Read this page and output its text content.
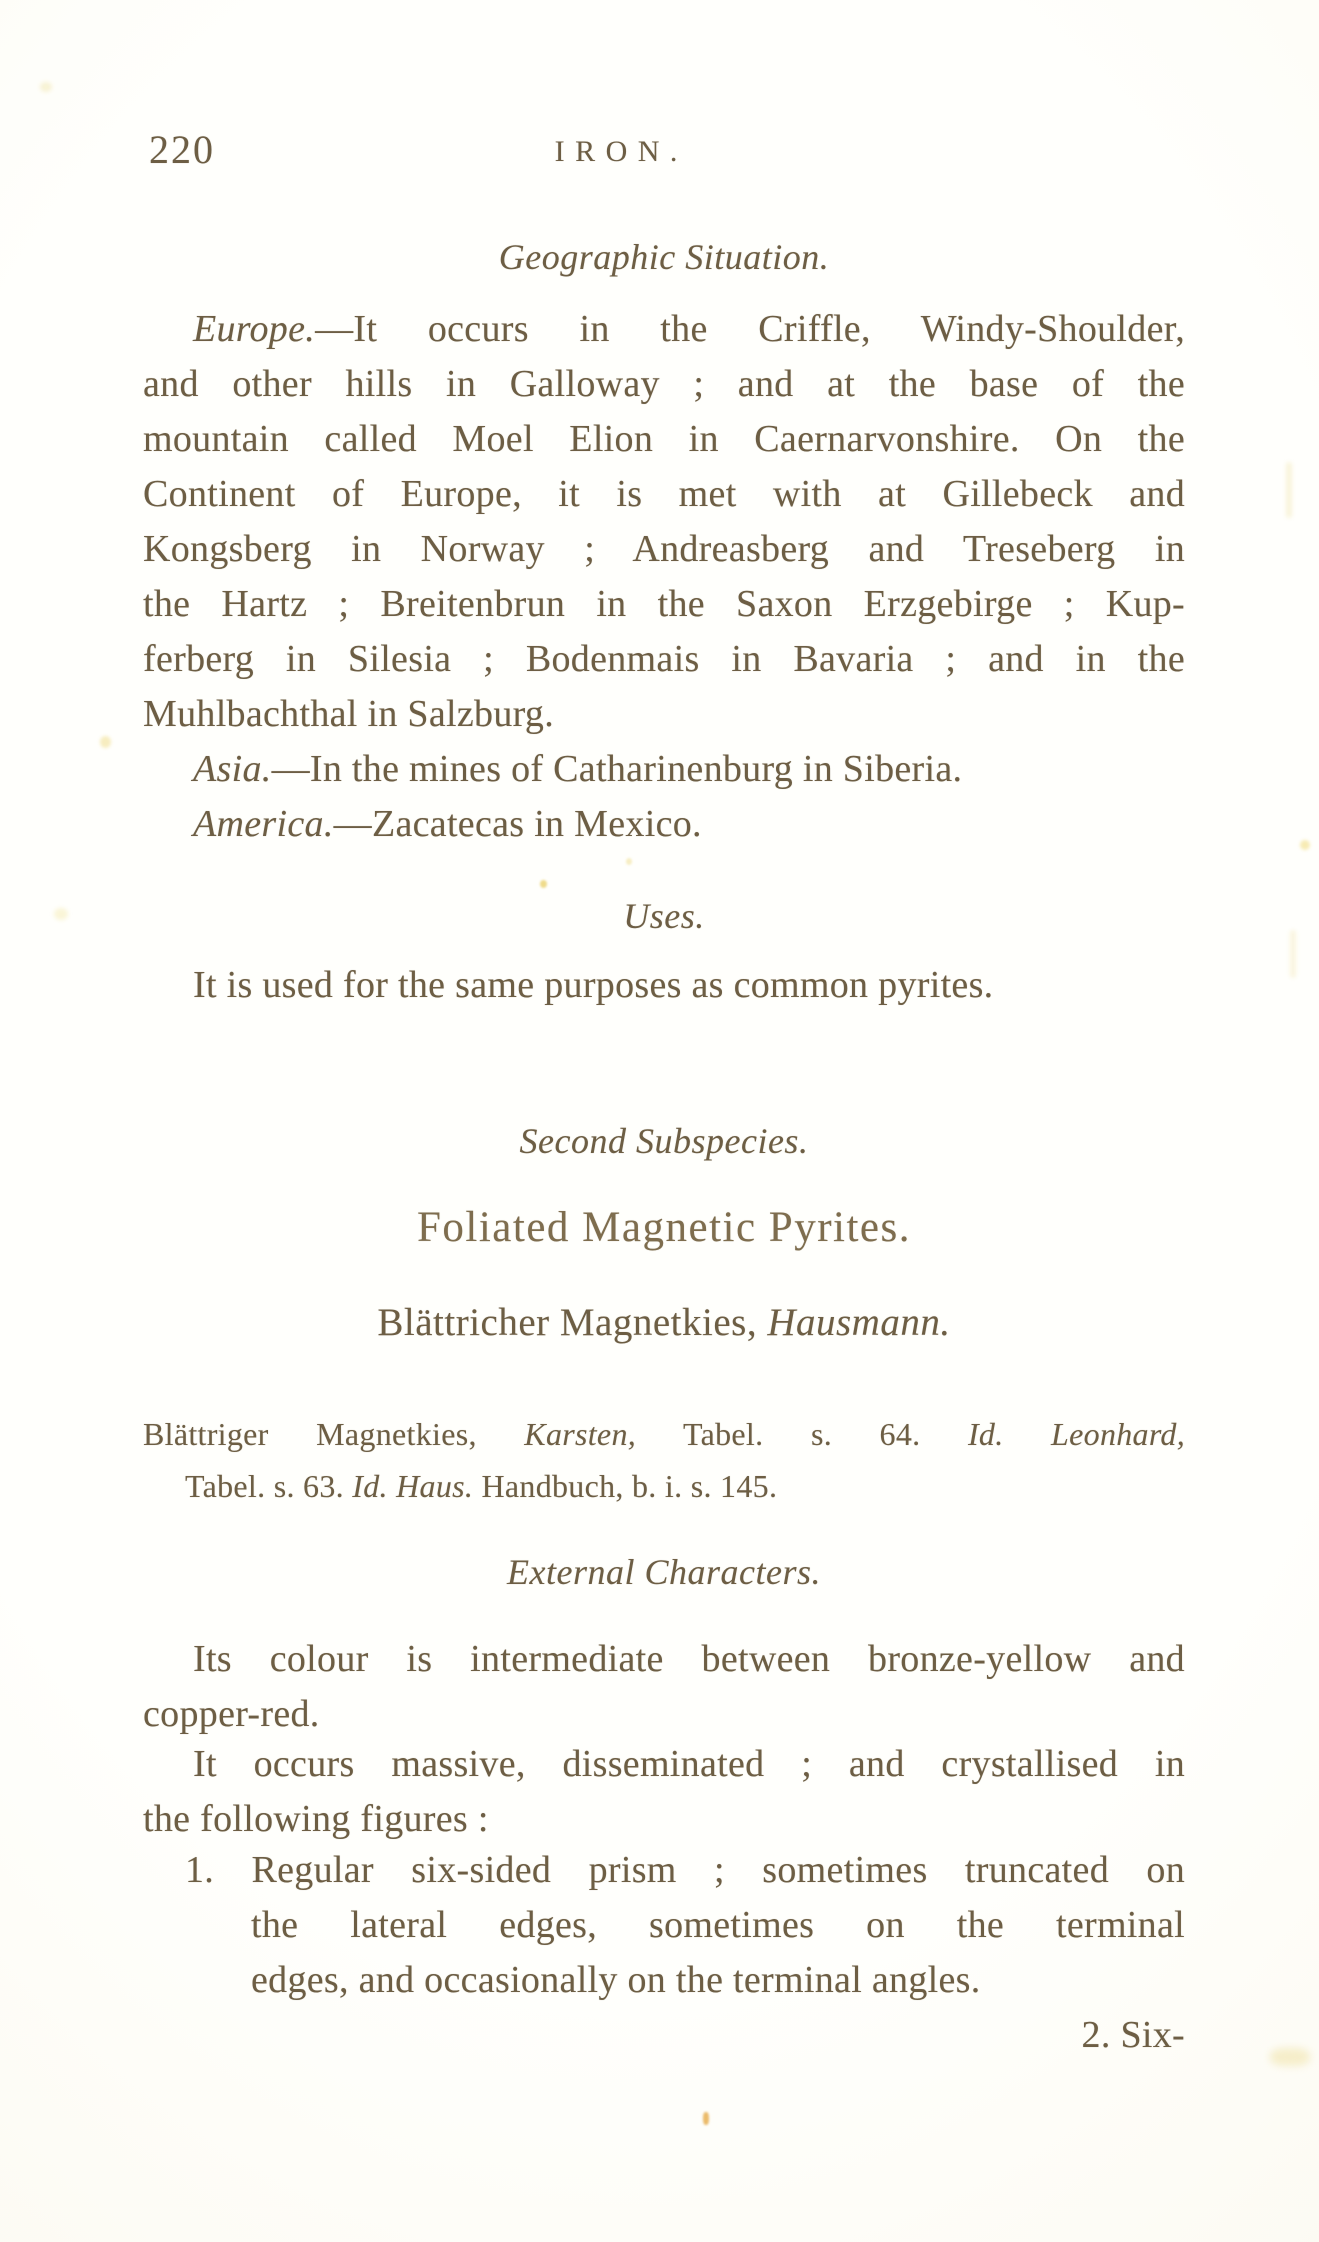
220	IRON.
Geographic Situation.
Europe.—It occurs in the Criffle, Windy-Shoulder,
and other hills in Galloway ; and at the base of the
mountain called Moel Elion in Caernarvonshire. On the
Continent of Europe, it is met with at Gillebeck and
Kongsberg in Norway ; Andreasberg and Treseberg in
the Hartz ; Breitenbrun in the Saxon Erzgebirge ; Kup-
ferberg in Silesia ; Bodenmais in Bavaria ; and in the
Muhlbachthal in Salzburg.
Asia.—In the mines of Catharinenburg in Siberia.
America.—Zacatecas in Mexico.
Uses.
It is used for the same purposes as common pyrites.
Second Subspecies.
Foliated Magnetic Pyrites.
Blättricher Magnetkies, Hausmann.
Blättriger Magnetkies, Karsten, Tabel. s. 64. Id. Leonhard,
Tabel. s. 63. Id. Haus. Handbuch, b. i. s. 145.
External Characters.
Its colour is intermediate between bronze-yellow and
copper-red.
It occurs massive, disseminated ; and crystallised in
the following figures :
1. Regular six-sided prism ; sometimes truncated on
the lateral edges, sometimes on the terminal
edges, and occasionally on the terminal angles.
2. Six-
